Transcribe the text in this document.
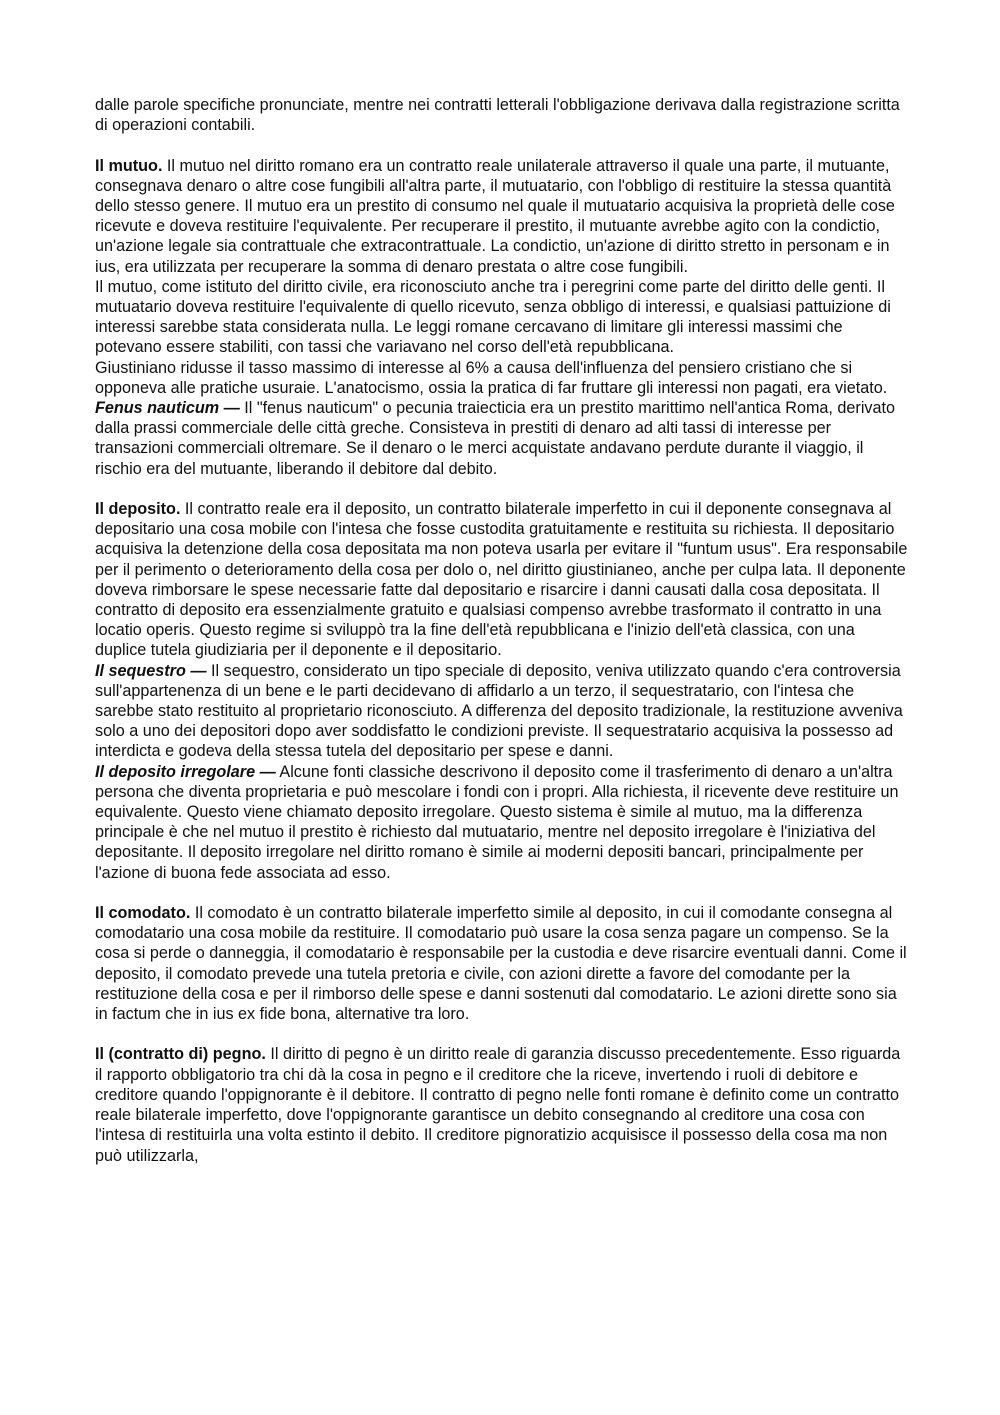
dalle parole specifiche pronunciate, mentre nei contratti letterali l'obbligazione derivava dalla registrazione scritta di operazioni contabili.

Il mutuo. Il mutuo nel diritto romano era un contratto reale unilaterale attraverso il quale una parte, il mutuante, consegnava denaro o altre cose fungibili all'altra parte, il mutuatario, con l'obbligo di restituire la stessa quantità dello stesso genere. Il mutuo era un prestito di consumo nel quale il mutuatario acquisiva la proprietà delle cose ricevute e doveva restituire l'equivalente. Per recuperare il prestito, il mutuante avrebbe agito con la condictio, un'azione legale sia contrattuale che extracontrattuale. La condictio, un'azione di diritto stretto in personam e in ius, era utilizzata per recuperare la somma di denaro prestata o altre cose fungibili.

Il mutuo, come istituto del diritto civile, era riconosciuto anche tra i peregrini come parte del diritto delle genti. Il mutuatario doveva restituire l'equivalente di quello ricevuto, senza obbligo di interessi, e qualsiasi pattuizione di interessi sarebbe stata considerata nulla. Le leggi romane cercavano di limitare gli interessi massimi che potevano essere stabiliti, con tassi che variavano nel corso dell'età repubblicana.

Giustiniano ridusse il tasso massimo di interesse al 6% a causa dell'influenza del pensiero cristiano che si opponeva alle pratiche usuraie. L'anatocismo, ossia la pratica di far fruttare gli interessi non pagati, era vietato.

Fenus nauticum — Il "fenus nauticum" o pecunia traiecticia era un prestito marittimo nell'antica Roma, derivato dalla prassi commerciale delle città greche. Consisteva in prestiti di denaro ad alti tassi di interesse per transazioni commerciali oltremare. Se il denaro o le merci acquistate andavano perdute durante il viaggio, il rischio era del mutuante, liberando il debitore dal debito.

Il deposito. Il contratto reale era il deposito, un contratto bilaterale imperfetto in cui il deponente consegnava al depositario una cosa mobile con l'intesa che fosse custodita gratuitamente e restituita su richiesta. Il depositario acquisiva la detenzione della cosa depositata ma non poteva usarla per evitare il "funtum usus". Era responsabile per il perimento o deterioramento della cosa per dolo o, nel diritto giustinianeo, anche per culpa lata. Il deponente doveva rimborsare le spese necessarie fatte dal depositario e risarcire i danni causati dalla cosa depositata. Il contratto di deposito era essenzialmente gratuito e qualsiasi compenso avrebbe trasformato il contratto in una locatio operis. Questo regime si sviluppò tra la fine dell'età repubblicana e l'inizio dell'età classica, con una duplice tutela giudiziaria per il deponente e il depositario.

Il sequestro — Il sequestro, considerato un tipo speciale di deposito, veniva utilizzato quando c'era controversia sull'appartenenza di un bene e le parti decidevano di affidarlo a un terzo, il sequestratario, con l'intesa che sarebbe stato restituito al proprietario riconosciuto. A differenza del deposito tradizionale, la restituzione avveniva solo a uno dei depositori dopo aver soddisfatto le condizioni previste. Il sequestratario acquisiva la possesso ad interdicta e godeva della stessa tutela del depositario per spese e danni.

Il deposito irregolare — Alcune fonti classiche descrivono il deposito come il trasferimento di denaro a un'altra persona che diventa proprietaria e può mescolare i fondi con i propri. Alla richiesta, il ricevente deve restituire un equivalente. Questo viene chiamato deposito irregolare. Questo sistema è simile al mutuo, ma la differenza principale è che nel mutuo il prestito è richiesto dal mutuatario, mentre nel deposito irregolare è l'iniziativa del depositante. Il deposito irregolare nel diritto romano è simile ai moderni depositi bancari, principalmente per l'azione di buona fede associata ad esso.

Il comodato. Il comodato è un contratto bilaterale imperfetto simile al deposito, in cui il comodante consegna al comodatario una cosa mobile da restituire. Il comodatario può usare la cosa senza pagare un compenso. Se la cosa si perde o danneggia, il comodatario è responsabile per la custodia e deve risarcire eventuali danni. Come il deposito, il comodato prevede una tutela pretoria e civile, con azioni dirette a favore del comodante per la restituzione della cosa e per il rimborso delle spese e danni sostenuti dal comodatario. Le azioni dirette sono sia in factum che in ius ex fide bona, alternative tra loro.

Il (contratto di) pegno. Il diritto di pegno è un diritto reale di garanzia discusso precedentemente. Esso riguarda il rapporto obbligatorio tra chi dà la cosa in pegno e il creditore che la riceve, invertendo i ruoli di debitore e creditore quando l'oppignorante è il debitore. Il contratto di pegno nelle fonti romane è definito come un contratto reale bilaterale imperfetto, dove l'oppignorante garantisce un debito consegnando al creditore una cosa con l'intesa di restituirla una volta estinto il debito. Il creditore pignoratizio acquisisce il possesso della cosa ma non può utilizzarla,
